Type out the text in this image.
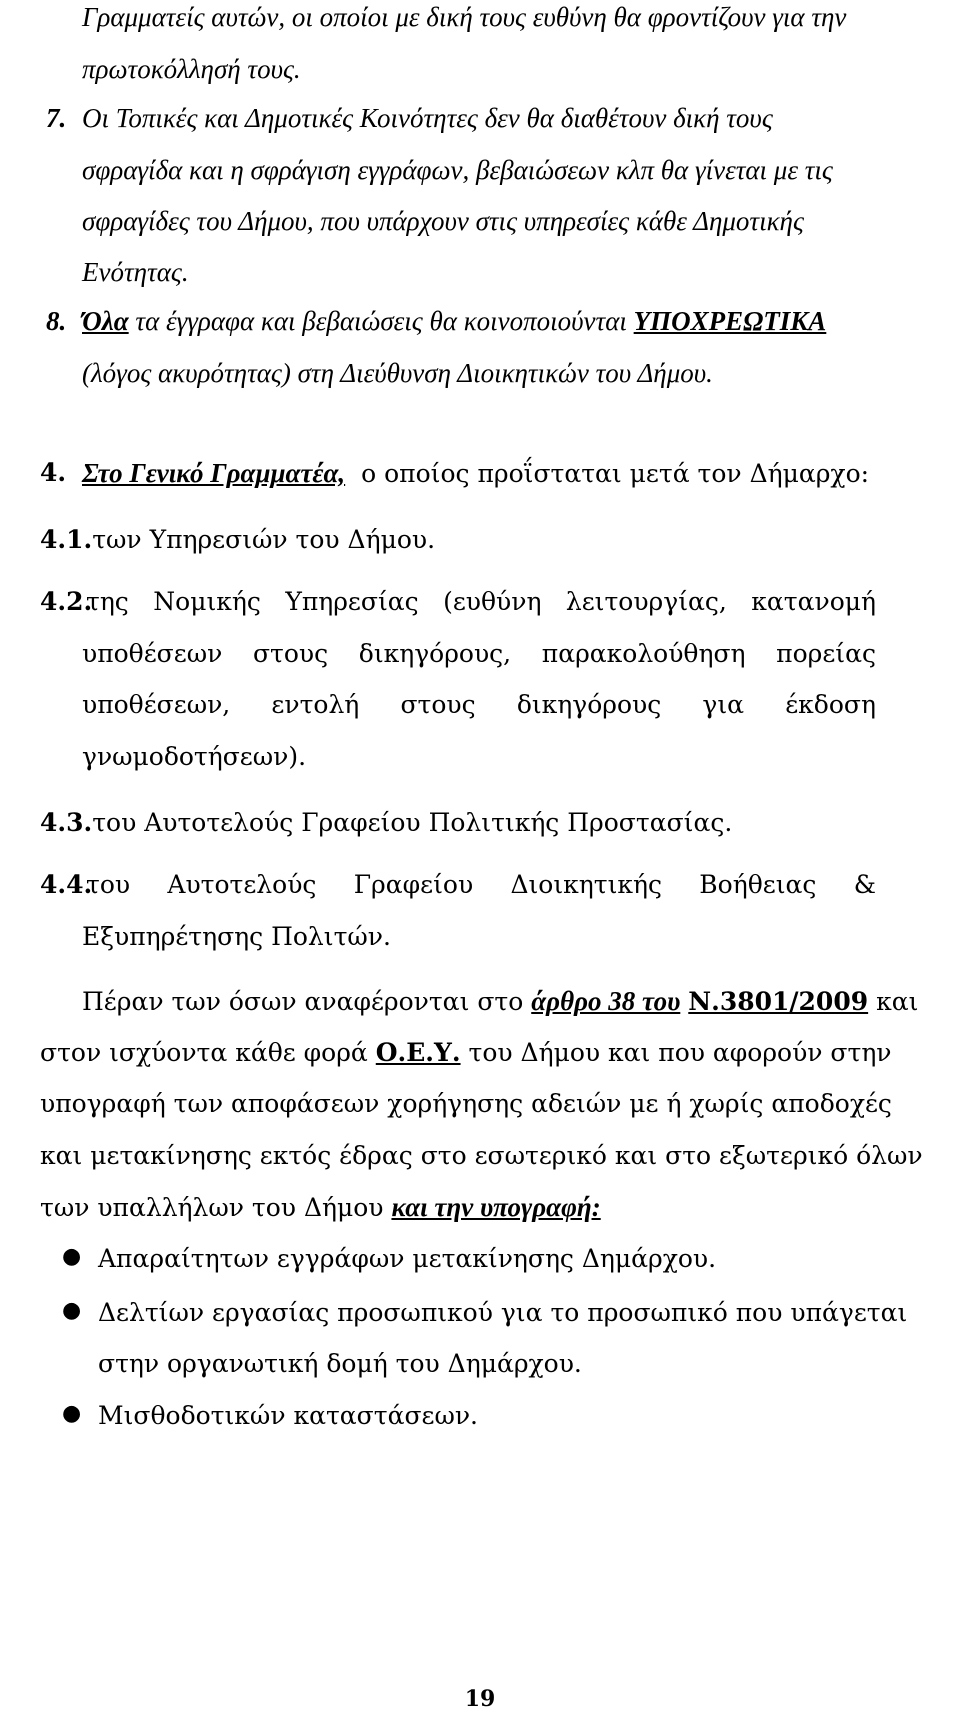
Γραμματείς αυτών, οι οποίοι με δική τους ευθύνη θα φροντίζουν για την
πρωτοκόλλησή τους.
7. Οι Τοπικές και Δημοτικές Κοινότητες δεν θα διαθέτουν δική τους
σφραγίδα και η σφράγιση εγγράφων, βεβαιώσεων κλπ θα γίνεται με τις
σφραγίδες του Δήμου, που υπάρχουν στις υπηρεσίες κάθε Δημοτικής
Ενότητας.
8. Όλα τα έγγραφα και βεβαιώσεις θα κοινοποιούνται ΥΠΟΧΡΕΩΤΙΚΑ
(λόγος ακυρότητας) στη Διεύθυνση Διοικητικών του Δήμου.
4. Στο Γενικό Γραμματέα, ο οποίος προΐσταται μετά τον Δήμαρχο:
4.1.των Υπηρεσιών του Δήμου.
4.2.
της Νομικής Υπηρεσίας (ευθύνη λειτουργίας, κατανομή
υποθέσεων στους δικηγόρους, παρακολούθηση πορείας
υποθέσεων, εντολή στους δικηγόρους για έκδοση
γνωμοδοτήσεων).
4.3.του Αυτοτελούς Γραφείου Πολιτικής Προστασίας.
4.4.
του Αυτοτελούς Γραφείου Διοικητικής Βοήθειας &
Εξυπηρέτησης Πολιτών.
Πέραν των όσων αναφέρονται στο άρθρο 38 του Ν.3801/2009 και
στον ισχύοντα κάθε φορά Ο.Ε.Υ. του Δήμου και που αφορούν στην
υπογραφή των αποφάσεων χορήγησης αδειών με ή χωρίς αποδοχές
και μετακίνησης εκτός έδρας στο εσωτερικό και στο εξωτερικό όλων
των υπαλλήλων του Δήμου και την υπογραφή:
● Απαραίτητων εγγράφων μετακίνησης Δημάρχου.
● Δελτίων εργασίας προσωπικού για το προσωπικό που υπάγεται
στην οργανωτική δομή του Δημάρχου.
● Μισθοδοτικών καταστάσεων.
19
